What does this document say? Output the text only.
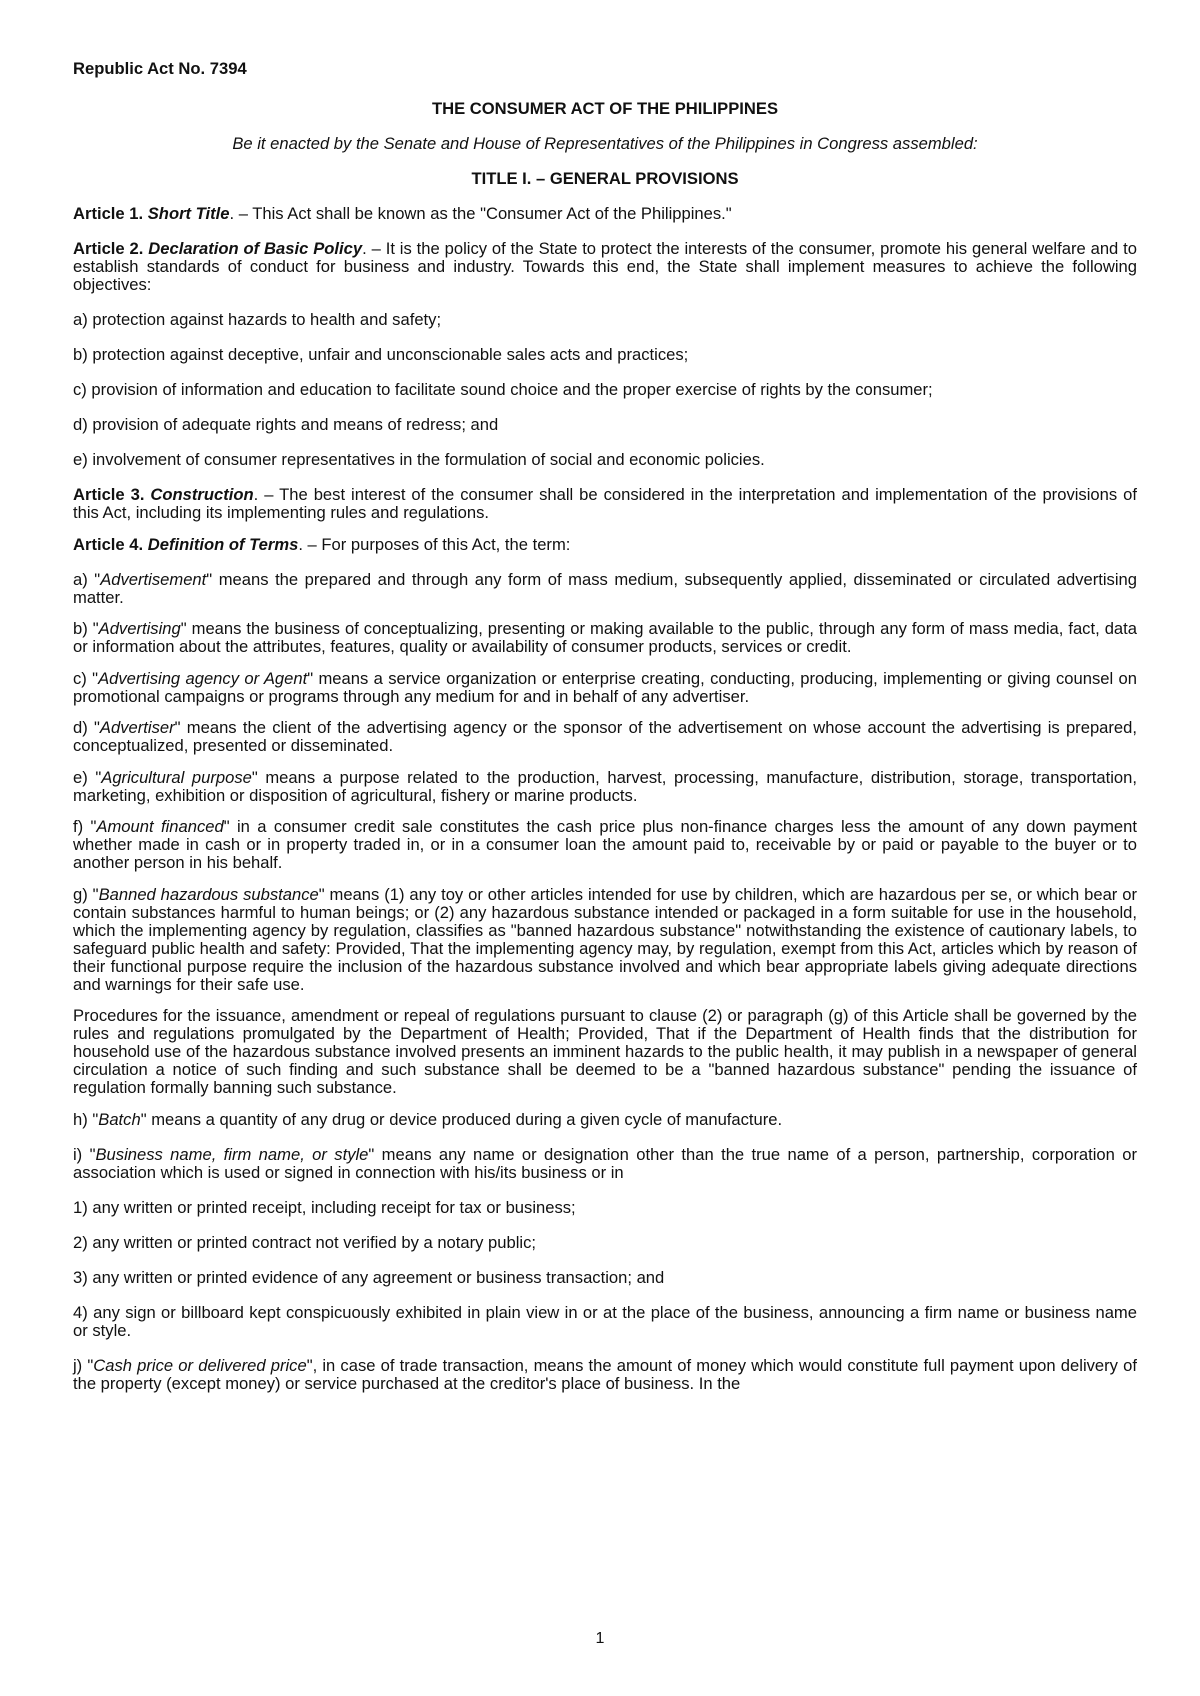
Republic Act No. 7394

THE CONSUMER ACT OF THE PHILIPPINES

Be it enacted by the Senate and House of Representatives of the Philippines in Congress assembled:

TITLE I. – GENERAL PROVISIONS

Article 1. Short Title. – This Act shall be known as the "Consumer Act of the Philippines."

Article 2. Declaration of Basic Policy. – It is the policy of the State to protect the interests of the consumer, promote his general welfare and to establish standards of conduct for business and industry. Towards this end, the State shall implement measures to achieve the following objectives:

a) protection against hazards to health and safety;

b) protection against deceptive, unfair and unconscionable sales acts and practices;

c) provision of information and education to facilitate sound choice and the proper exercise of rights by the consumer;

d) provision of adequate rights and means of redress; and

e) involvement of consumer representatives in the formulation of social and economic policies.

Article 3. Construction. – The best interest of the consumer shall be considered in the interpretation and implementation of the provisions of this Act, including its implementing rules and regulations.

Article 4. Definition of Terms. – For purposes of this Act, the term:

a) "Advertisement" means the prepared and through any form of mass medium, subsequently applied, disseminated or circulated advertising matter.

b) "Advertising" means the business of conceptualizing, presenting or making available to the public, through any form of mass media, fact, data or information about the attributes, features, quality or availability of consumer products, services or credit.

c) "Advertising agency or Agent" means a service organization or enterprise creating, conducting, producing, implementing or giving counsel on promotional campaigns or programs through any medium for and in behalf of any advertiser.

d) "Advertiser" means the client of the advertising agency or the sponsor of the advertisement on whose account the advertising is prepared, conceptualized, presented or disseminated.

e) "Agricultural purpose" means a purpose related to the production, harvest, processing, manufacture, distribution, storage, transportation, marketing, exhibition or disposition of agricultural, fishery or marine products.

f) "Amount financed" in a consumer credit sale constitutes the cash price plus non-finance charges less the amount of any down payment whether made in cash or in property traded in, or in a consumer loan the amount paid to, receivable by or paid or payable to the buyer or to another person in his behalf.

g) "Banned hazardous substance" means (1) any toy or other articles intended for use by children, which are hazardous per se, or which bear or contain substances harmful to human beings; or (2) any hazardous substance intended or packaged in a form suitable for use in the household, which the implementing agency by regulation, classifies as "banned hazardous substance" notwithstanding the existence of cautionary labels, to safeguard public health and safety: Provided, That the implementing agency may, by regulation, exempt from this Act, articles which by reason of their functional purpose require the inclusion of the hazardous substance involved and which bear appropriate labels giving adequate directions and warnings for their safe use.

Procedures for the issuance, amendment or repeal of regulations pursuant to clause (2) or paragraph (g) of this Article shall be governed by the rules and regulations promulgated by the Department of Health; Provided, That if the Department of Health finds that the distribution for household use of the hazardous substance involved presents an imminent hazards to the public health, it may publish in a newspaper of general circulation a notice of such finding and such substance shall be deemed to be a "banned hazardous substance" pending the issuance of regulation formally banning such substance.

h) "Batch" means a quantity of any drug or device produced during a given cycle of manufacture.

i) "Business name, firm name, or style" means any name or designation other than the true name of a person, partnership, corporation or association which is used or signed in connection with his/its business or in

1) any written or printed receipt, including receipt for tax or business;

2) any written or printed contract not verified by a notary public;

3) any written or printed evidence of any agreement or business transaction; and

4) any sign or billboard kept conspicuously exhibited in plain view in or at the place of the business, announcing a firm name or business name or style.

j) "Cash price or delivered price", in case of trade transaction, means the amount of money which would constitute full payment upon delivery of the property (except money) or service purchased at the creditor's place of business. In the

1
